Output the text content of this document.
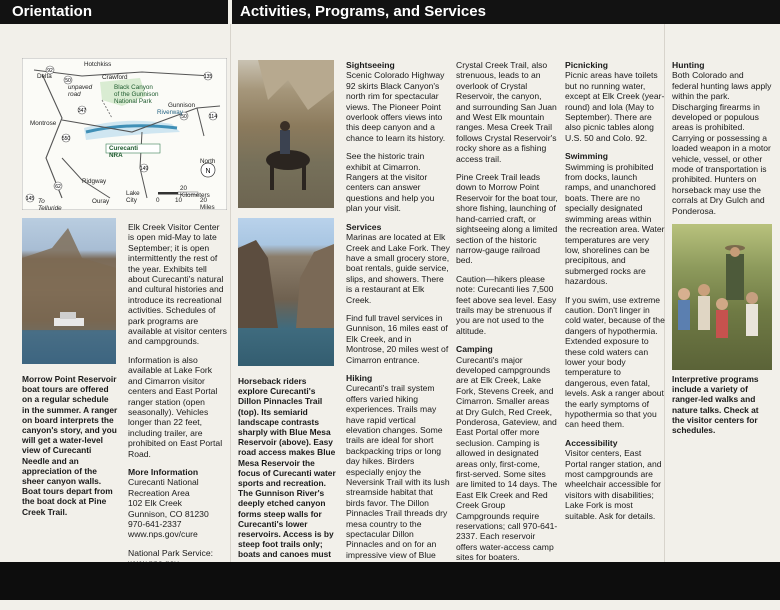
Orientation	Activities, Programs, and Services
92
50
135
50	114
149
550
62
145
347
N
Hotchkiss
Crawford
Delta
unpaved
road
Black Canyon
of the Gunnison
National Park
Montrose
Gunnison
Riverway
Curecanti NRA
Ridgway
Ouray
To Telluride
Lake
City
North
20 Kilometers
20 Miles
0 10
Morrow Point Reservoir boat tours are offered on a regular schedule in the summer. A ranger on board interprets the canyon's story, and you will get a water-level view of Curecanti Needle and an appreciation of the sheer canyon walls. Boat tours depart from the boat dock at Pine Creek Trail.

Elk Creek Visitor Center is open mid-May to late September; it is open intermittently the rest of the year. Exhibits tell about Curecanti's natural and cultural histories and introduce its recreational activities. Schedules of park programs are available at visitor centers and campgrounds.

Information is also available at Lake Fork and Cimarron visitor centers and East Portal ranger station (open seasonally). Vehicles longer than 22 feet, including trailer, are prohibited on East Portal Road.

More Information
Curecanti National
Recreation Area
102 Elk Creek
Gunnison, CO 81230
970-641-2337
www.nps.gov/cure

National Park Service:

Horseback riders explore Curecanti's Dillon Pinnacles Trail (top). Its semiarid landscape contrasts sharply with Blue Mesa Reservoir (above). Easy road access makes Blue Mesa Reservoir the focus of Curecanti water sports and recreation. The Gunnison River's deeply etched canyon forms steep walls for Curecanti's lower reservoirs. Access is by steep foot trails only; boats and canoes must

Sightseeing
Scenic Colorado Highway 92 skirts Black Canyon's north rim for spectacular views. The Pioneer Point overlook offers views into this deep canyon and a chance to learn its history.

See the historic train exhibit at Cimarron. Rangers at the visitor centers can answer questions and help you plan your visit.

Services
Marinas are located at Elk Creek and Lake Fork. They have a small grocery store, boat rentals, guide service, slips, and showers. There is a restaurant at Elk Creek.

Find full travel services in Gunnison, 16 miles east of Elk Creek, and in Montrose, 20 miles west of Cimarron entrance.

Hiking
Curecanti's trail system offers varied hiking experiences. Trails may have rapid vertical elevation changes. Some trails are ideal for short backpacking trips or long day hikes. Birders especially enjoy the Neversink Trail with its lush streamside habitat that birds favor. The Dillon Pinnacles Trail threads dry mesa country to the spectacular Dillon Pinnacles and on for an impressive view of Blue

Crystal Creek Trail, also strenuous, leads to an overlook of Crystal Reservoir, the canyon, and surrounding San Juan and West Elk mountain ranges. Mesa Creek Trail follows Crystal Reservoir's rocky shore as a fishing access trail.

Pine Creek Trail leads down to Morrow Point Reservoir for the boat tour, shore fishing, launching of hand-carried craft, or sightseeing along a limited section of the historic narrow-gauge railroad bed.

Caution—hikers please note: Curecanti lies 7,500 feet above sea level. Easy trails may be strenuous if you are not used to the altitude.

Camping
Curecanti's major developed campgrounds are at Elk Creek, Lake Fork, Stevens Creek, and Cimarron. Smaller areas at Dry Gulch, Red Creek, Ponderosa, Gateview, and East Portal offer more seclusion. Camping is allowed in designated areas only, first-come, first-served. Some sites are limited to 14 days. The East Elk Creek and Red Creek Group Campgrounds require reservations; call 970-641-2337. Each reservoir offers water-access camp sites for boaters.

Picnicking
Picnic areas have toilets but no running water, except at Elk Creek (year-round) and Iola (May to September). There are also picnic tables along U.S. 50 and Colo. 92.

Swimming
Swimming is prohibited from docks, launch ramps, and unanchored boats. There are no specially designated swimming areas within the recreation area. Water temperatures are very low, shorelines can be precipitous, and submerged rocks are hazardous.

If you swim, use extreme caution. Don't linger in cold water, because of the dangers of hypothermia. Extended exposure to these cold waters can lower your body temperature to dangerous, even fatal, levels. Ask a ranger about the early symptoms of hypothermia so that you can heed them.

Accessibility
Visitor centers, East Portal ranger station, and most campgrounds are wheelchair accessible for visitors with disabilities; Lake Fork is most suitable. Ask for details.

Hunting
Both Colorado and federal hunting laws apply within the park. Discharging firearms in developed or populous areas is prohibited. Carrying or possessing a loaded weapon in a motor vehicle, vessel, or other mode of transportation is prohibited. Hunters on horseback may use the corrals at Dry Gulch and Ponderosa.

Interpretive programs include a variety of ranger-led walks and nature talks. Check at the visitor centers for schedules.
